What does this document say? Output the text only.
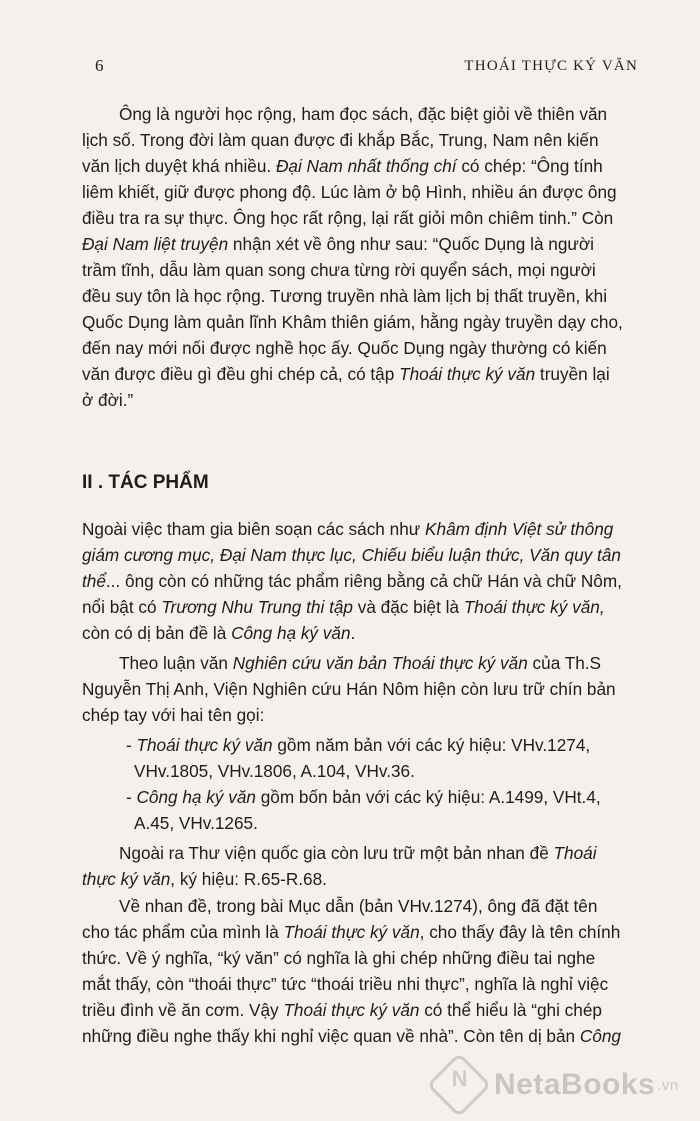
6	THOÁI THỰC KÝ VĂN
Ông là người học rộng, ham đọc sách, đặc biệt giỏi về thiên văn
lịch số. Trong đời làm quan được đi khắp Bắc, Trung, Nam nên kiến
văn lịch duyệt khá nhiều. Đại Nam nhất thống chí có chép: “Ông tính
liêm khiết, giữ được phong độ. Lúc làm ở bộ Hình, nhiều án được ông
điều tra ra sự thực. Ông học rất rộng, lại rất giỏi môn chiêm tinh.” Còn
Đại Nam liệt truyện nhận xét về ông như sau: “Quốc Dụng là người
trầm tĩnh, dẫu làm quan song chưa từng rời quyển sách, mọi người
đều suy tôn là học rộng. Tương truyền nhà làm lịch bị thất truyền, khi
Quốc Dụng làm quản lĩnh Khâm thiên giám, hằng ngày truyền dạy cho,
đến nay mới nối được nghề học ấy. Quốc Dụng ngày thường có kiến
văn được điều gì đều ghi chép cả, có tập Thoái thực ký văn truyền lại
ở đời.”

II . TÁC PHẨM

Ngoài việc tham gia biên soạn các sách như Khâm định Việt sử thông
giám cương mục, Đại Nam thực lục, Chiếu biểu luận thức, Văn quy tân
thể... ông còn có những tác phẩm riêng bằng cả chữ Hán và chữ Nôm,
nổi bật có Trương Nhu Trung thi tập và đặc biệt là Thoái thực ký văn,
còn có dị bản đề là Công hạ ký văn.
Theo luận văn Nghiên cứu văn bản Thoái thực ký văn của Th.S
Nguyễn Thị Anh, Viện Nghiên cứu Hán Nôm hiện còn lưu trữ chín bản
chép tay với hai tên gọi:
- Thoái thực ký văn gồm năm bản với các ký hiệu: VHv.1274,
VHv.1805, VHv.1806, A.104, VHv.36.
- Công hạ ký văn gồm bốn bản với các ký hiệu: A.1499, VHt.4,
A.45, VHv.1265.
Ngoài ra Thư viện quốc gia còn lưu trữ một bản nhan đề Thoái
thực ký văn, ký hiệu: R.65-R.68.
Về nhan đề, trong bài Mục dẫn (bản VHv.1274), ông đã đặt tên
cho tác phẩm của mình là Thoái thực ký văn, cho thấy đây là tên chính
thức. Về ý nghĩa, “ký văn” có nghĩa là ghi chép những điều tai nghe
mắt thấy, còn “thoái thực” tức “thoái triều nhi thực”, nghĩa là nghỉ việc
triều đình về ăn cơm. Vậy Thoái thực ký văn có thể hiểu là “ghi chép
những điều nghe thấy khi nghỉ việc quan về nhà”. Còn tên dị bản Công
N
NetaBooks .vn
